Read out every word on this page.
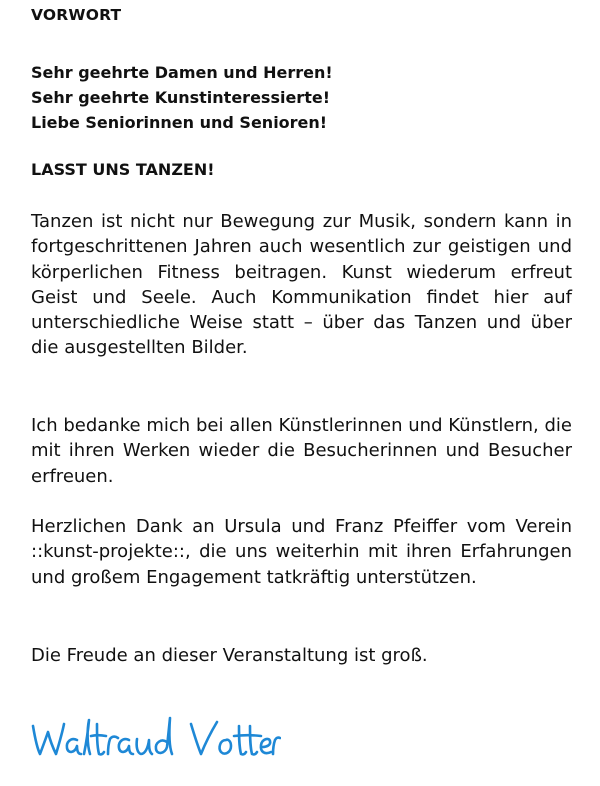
VORWORT
Sehr geehrte Damen und Herren!
Sehr geehrte Kunstinteressierte!
Liebe Seniorinnen und Senioren!
LASST UNS TANZEN!
Tanzen ist nicht nur Bewegung zur Musik, sondern kann in fortgeschrittenen Jahren auch wesentlich zur geistigen und körperlichen Fitness beitragen. Kunst wiederum erfreut Geist und Seele. Auch Kommunikation findet hier auf unterschiedliche Weise statt – über das Tanzen und über die ausgestellten Bilder.
Ich bedanke mich bei allen Künstlerinnen und Künstlern, die mit ihren Werken wieder die Besucherinnen und Besucher erfreuen.
Herzlichen Dank an Ursula und Franz Pfeiffer vom Verein ::kunst-projekte::, die uns weiterhin mit ihren Erfahrungen und großem Engagement tatkräftig unterstützen.
Die Freude an dieser Veranstaltung ist groß.
